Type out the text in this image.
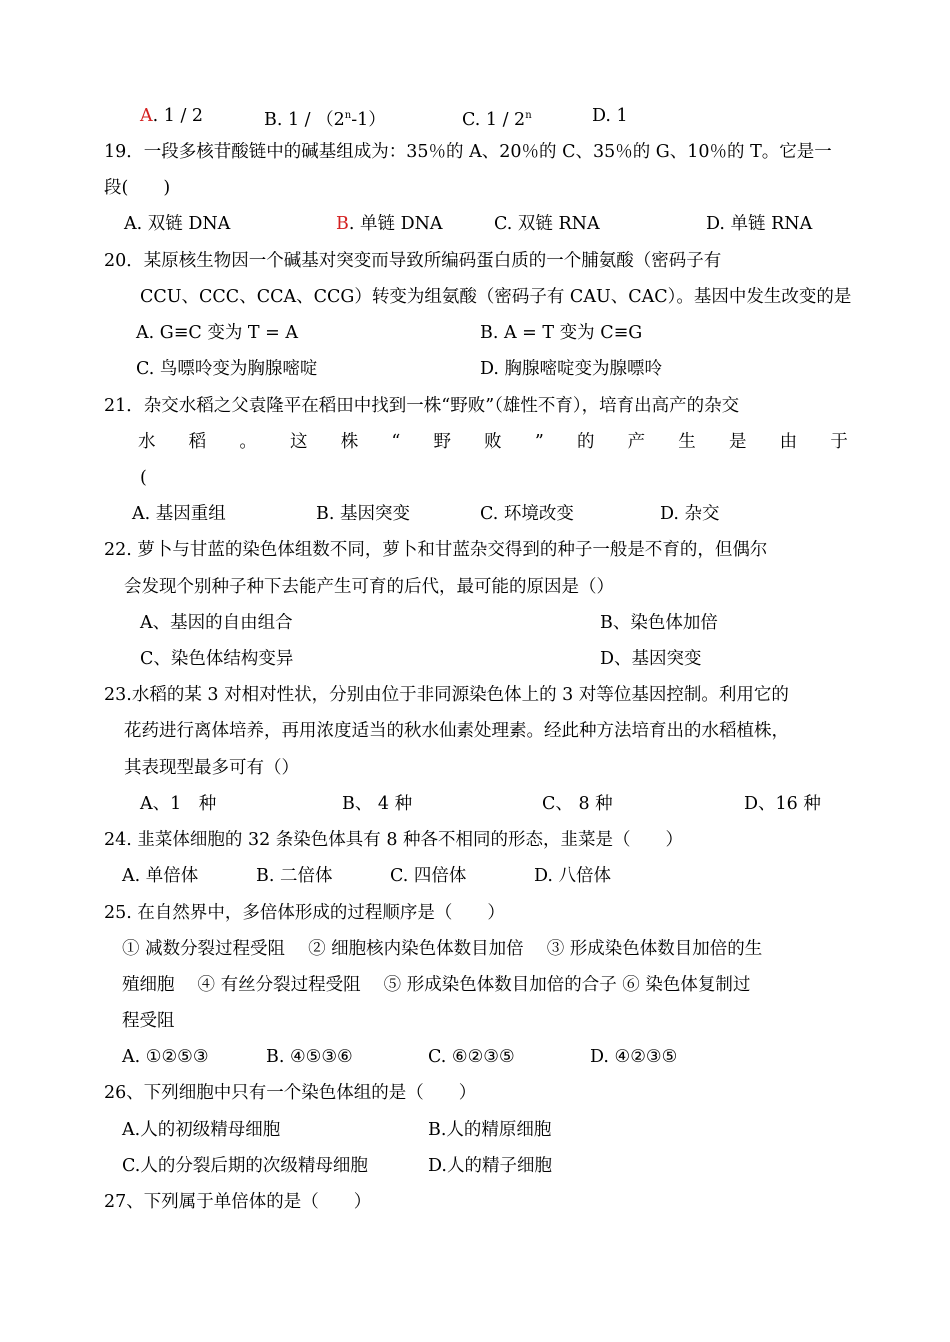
A. 1 / 2	B. 1 / （2$^n$-1）	C. 1 / 2$^n$	D. 1
19．一段多核苷酸链中的碱基组成为：35％的 A、20％的 C、35％的 G、10％的 T。它是一
段(　　)
A. 双链 DNA	B. 单链 DNA	C. 双链 RNA	D. 单链 RNA
20．某原核生物因一个碱基对突变而导致所编码蛋白质的一个脯氨酸（密码子有
CCU、CCC、CCA、CCG）转变为组氨酸（密码子有 CAU、CAC）。基因中发生改变的是
A. G≡C 变为 T = A	B. A = T 变为 C≡G
C. 鸟嘌呤变为胸腺嘧啶	D. 胸腺嘧啶变为腺嘌呤
21．杂交水稻之父袁隆平在稻田中找到一株“野败”（雄性不育），培育出高产的杂交
水 稻 。 这 株 “ 野 败 ” 的 产 生 是 由 于
(
A. 基因重组	B. 基因突变	C. 环境改变	D. 杂交
22. 萝卜与甘蓝的染色体组数不同，萝卜和甘蓝杂交得到的种子一般是不育的，但偶尔
会发现个别种子种下去能产生可育的后代，最可能的原因是（）
A、基因的自由组合	B、染色体加倍
C、染色体结构变异	D、基因突变
23.水稻的某 3 对相对性状，分别由位于非同源染色体上的 3 对等位基因控制。利用它的
花药进行离体培养，再用浓度适当的秋水仙素处理素。经此种方法培育出的水稻植株，
其表现型最多可有（）
A、1　种	B、 4 种	C、 8 种	D、16 种
24. 韭菜体细胞的 32 条染色体具有 8 种各不相同的形态，韭菜是（　　）
A. 单倍体	B. 二倍体	C. 四倍体	D. 八倍体
25. 在自然界中，多倍体形成的过程顺序是（　　）
① 减数分裂过程受阻　 ② 细胞核内染色体数目加倍　 ③ 形成染色体数目加倍的生
殖细胞　 ④ 有丝分裂过程受阻　 ⑤ 形成染色体数目加倍的合子 ⑥ 染色体复制过
程受阻
A. ①②⑤③	B. ④⑤③⑥	C. ⑥②③⑤	D. ④②③⑤
26、下列细胞中只有一个染色体组的是（　　）
A.人的初级精母细胞	B.人的精原细胞
C.人的分裂后期的次级精母细胞	D.人的精子细胞
27、下列属于单倍体的是（　　）
